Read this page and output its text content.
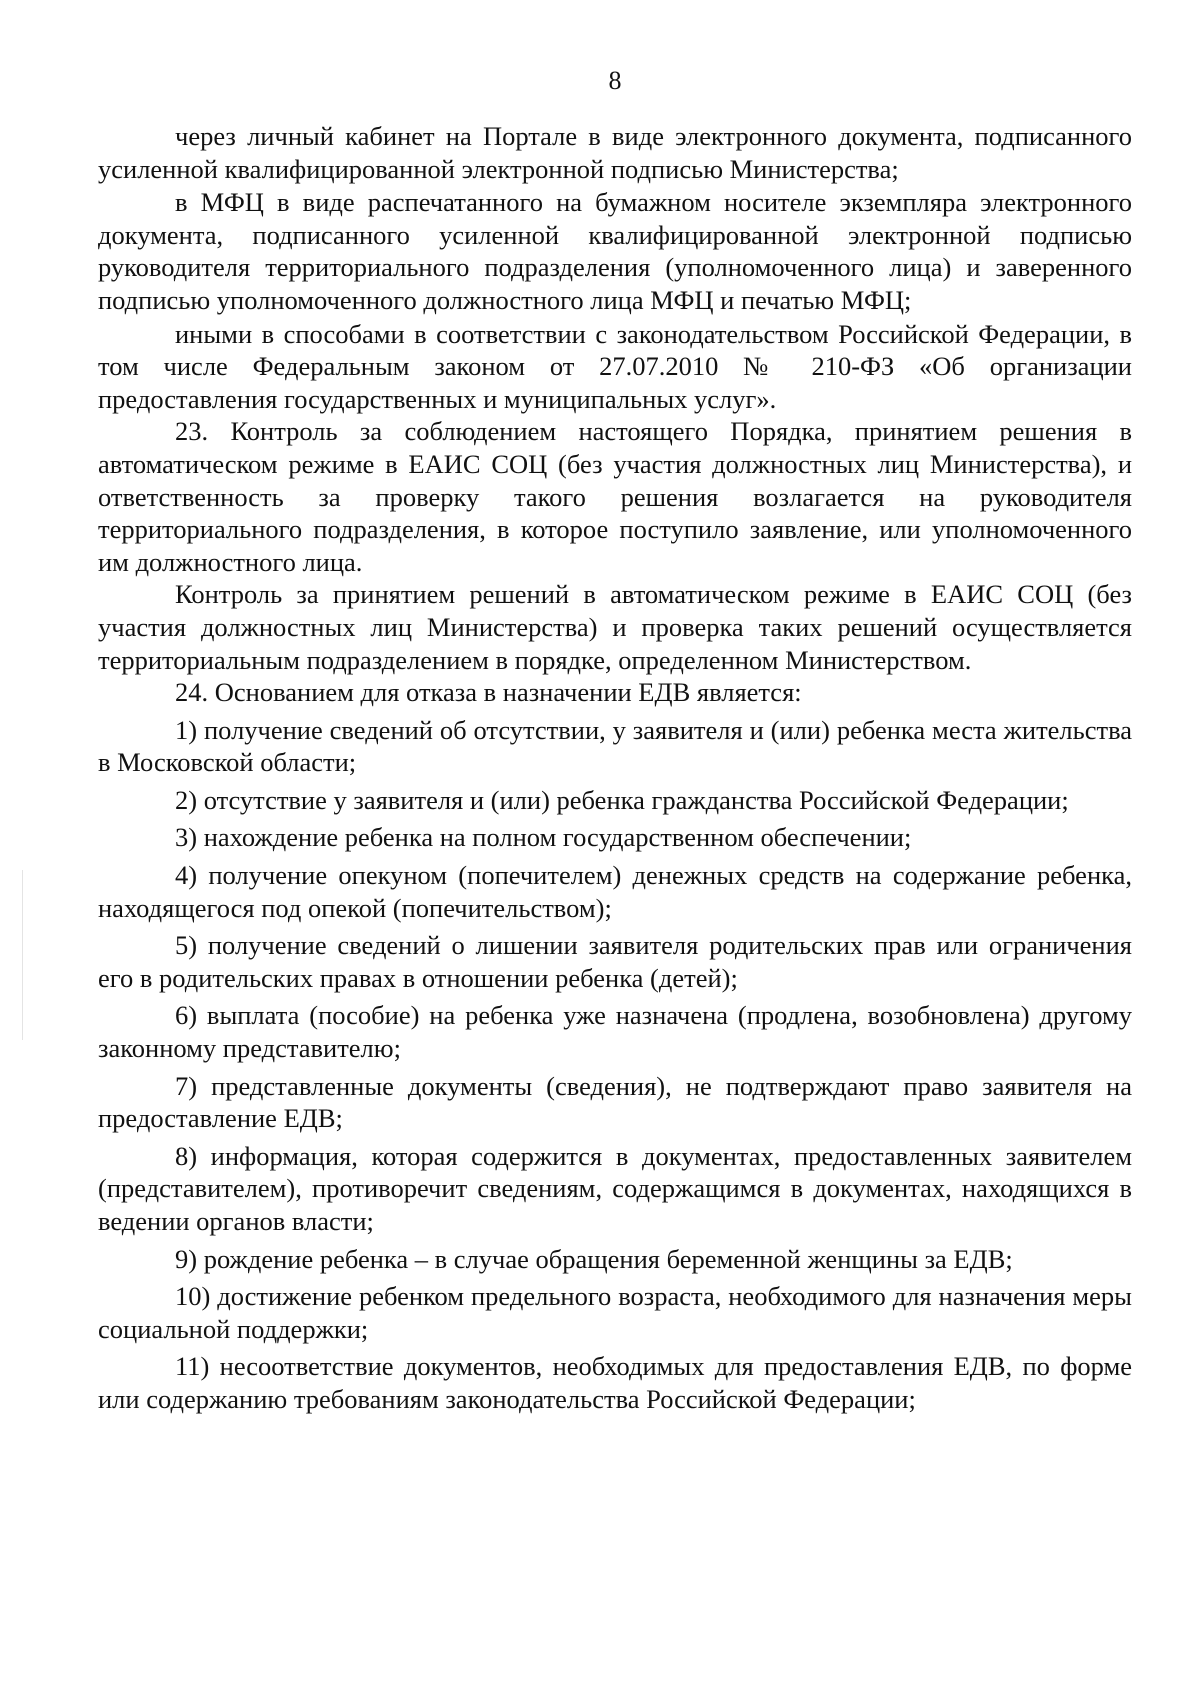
8

через личный кабинет на Портале в виде электронного документа, подписанного усиленной квалифицированной электронной подписью Министерства;

в МФЦ в виде распечатанного на бумажном носителе экземпляра электронного документа, подписанного усиленной квалифицированной электронной подписью руководителя территориального подразделения (уполномоченного лица) и заверенного подписью уполномоченного должностного лица МФЦ и печатью МФЦ;

иными в способами в соответствии с законодательством Российской Федерации, в том числе Федеральным законом от 27.07.2010 № 210-ФЗ «Об организации предоставления государственных и муниципальных услуг».

23. Контроль за соблюдением настоящего Порядка, принятием решения в автоматическом режиме в ЕАИС СОЦ (без участия должностных лиц Министерства), и ответственность за проверку такого решения возлагается на руководителя территориального подразделения, в которое поступило заявление, или уполномоченного им должностного лица.

Контроль за принятием решений в автоматическом режиме в ЕАИС СОЦ (без участия должностных лиц Министерства) и проверка таких решений осуществляется территориальным подразделением в порядке, определенном Министерством.

24. Основанием для отказа в назначении ЕДВ является:

1) получение сведений об отсутствии, у заявителя и (или) ребенка места жительства в Московской области;

2) отсутствие у заявителя и (или) ребенка гражданства Российской Федерации;

3) нахождение ребенка на полном государственном обеспечении;

4) получение опекуном (попечителем) денежных средств на содержание ребенка, находящегося под опекой (попечительством);

5) получение сведений о лишении заявителя родительских прав или ограничения его в родительских правах в отношении ребенка (детей);

6) выплата (пособие) на ребенка уже назначена (продлена, возобновлена) другому законному представителю;

7) представленные документы (сведения), не подтверждают право заявителя на предоставление ЕДВ;

8) информация, которая содержится в документах, предоставленных заявителем (представителем), противоречит сведениям, содержащимся в документах, находящихся в ведении органов власти;

9) рождение ребенка – в случае обращения беременной женщины за ЕДВ;

10) достижение ребенком предельного возраста, необходимого для назначения меры социальной поддержки;

11) несоответствие документов, необходимых для предоставления ЕДВ, по форме или содержанию требованиям законодательства Российской Федерации;
